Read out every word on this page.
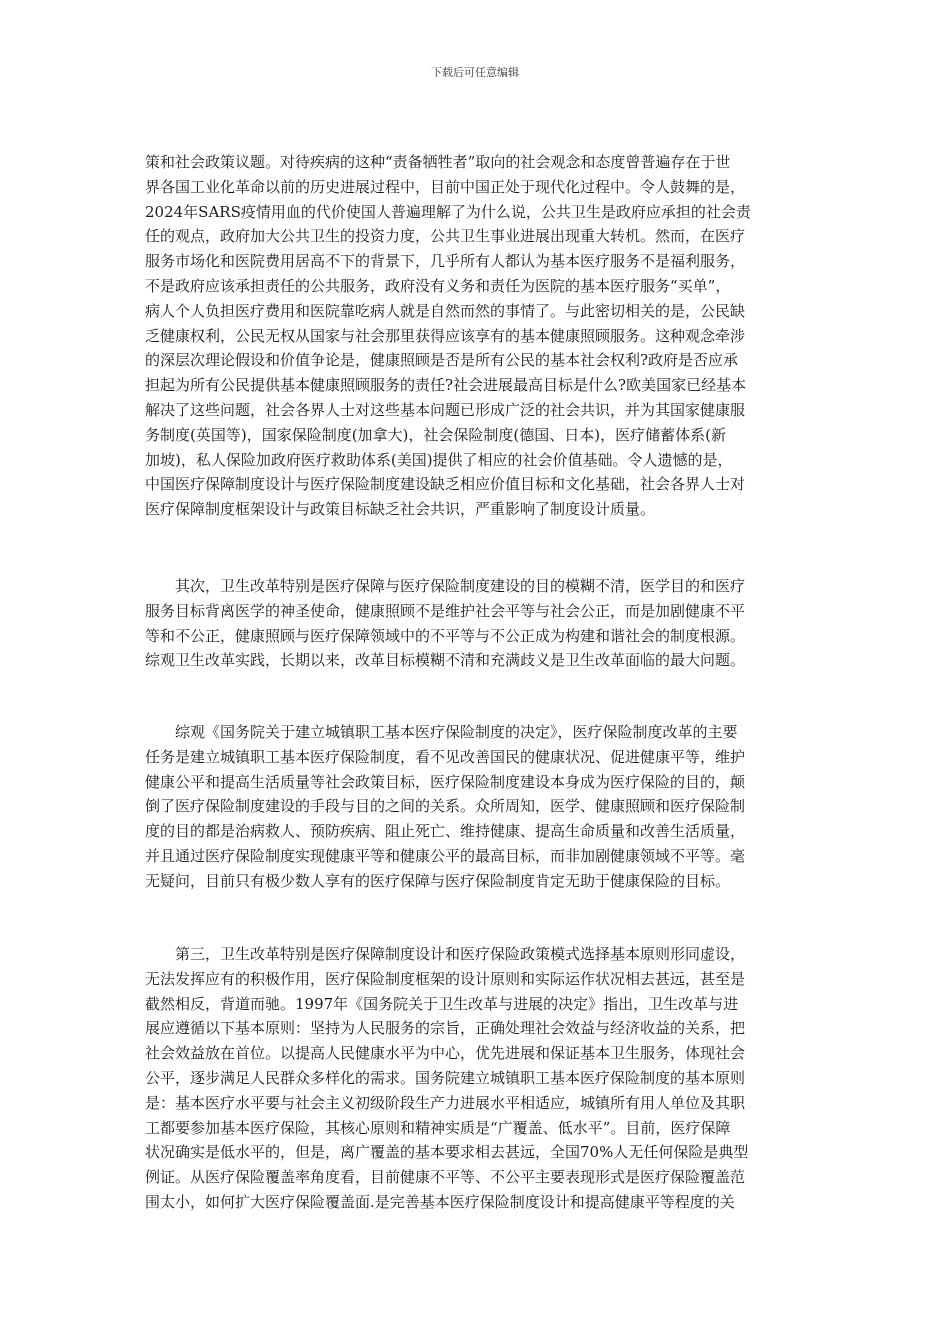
下载后可任意编辑
策和社会政策议题。对待疾病的这种“责备牺牲者”取向的社会观念和态度曾普遍存在于世
界各国工业化革命以前的历史进展过程中，目前中国正处于现代化过程中。令人鼓舞的是，
2024年SARS疫情用血的代价使国人普遍理解了为什么说，公共卫生是政府应承担的社会责
任的观点，政府加大公共卫生的投资力度，公共卫生事业进展出现重大转机。然而，在医疗
服务市场化和医院费用居高不下的背景下，几乎所有人都认为基本医疗服务不是福利服务，
不是政府应该承担责任的公共服务，政府没有义务和责任为医院的基本医疗服务“买单”，
病人个人负担医疗费用和医院靠吃病人就是自然而然的事情了。与此密切相关的是，公民缺
乏健康权利，公民无权从国家与社会那里获得应该享有的基本健康照顾服务。这种观念牵涉
的深层次理论假设和价值争论是，健康照顾是否是所有公民的基本社会权利?政府是否应承
担起为所有公民提供基本健康照顾服务的责任?社会进展最高目标是什么?欧美国家已经基本
解决了这些问题，社会各界人士对这些基本问题已形成广泛的社会共识，并为其国家健康服
务制度(英国等)，国家保险制度(加拿大)，社会保险制度(德国、日本)，医疗储蓄体系(新
加坡)，私人保险加政府医疗救助体系(美国)提供了相应的社会价值基础。令人遗憾的是，
中国医疗保障制度设计与医疗保险制度建设缺乏相应价值目标和文化基础，社会各界人士对
医疗保障制度框架设计与政策目标缺乏社会共识，严重影响了制度设计质量。
其次，卫生改革特别是医疗保障与医疗保险制度建设的目的模糊不清，医学目的和医疗
服务目标背离医学的神圣使命，健康照顾不是维护社会平等与社会公正，而是加剧健康不平
等和不公正，健康照顾与医疗保障领域中的不平等与不公正成为构建和谐社会的制度根源。
综观卫生改革实践，长期以来，改革目标模糊不清和充满歧义是卫生改革面临的最大问题。
综观《国务院关于建立城镇职工基本医疗保险制度的决定》，医疗保险制度改革的主要
任务是建立城镇职工基本医疗保险制度，看不见改善国民的健康状况、促进健康平等，维护
健康公平和提高生活质量等社会政策目标，医疗保险制度建设本身成为医疗保险的目的，颠
倒了医疗保险制度建设的手段与目的之间的关系。众所周知，医学、健康照顾和医疗保险制
度的目的都是治病救人、预防疾病、阻止死亡、维持健康、提高生命质量和改善生活质量，
并且通过医疗保险制度实现健康平等和健康公平的最高目标，而非加剧健康领域不平等。毫
无疑问，目前只有极少数人享有的医疗保障与医疗保险制度肯定无助于健康保险的目标。
第三，卫生改革特别是医疗保障制度设计和医疗保险政策模式选择基本原则形同虚设，
无法发挥应有的积极作用，医疗保险制度框架的设计原则和实际运作状况相去甚远，甚至是
截然相反，背道而驰。1997年《国务院关于卫生改革与进展的决定》指出，卫生改革与进
展应遵循以下基本原则：坚持为人民服务的宗旨，正确处理社会效益与经济收益的关系，把
社会效益放在首位。以提高人民健康水平为中心，优先进展和保证基本卫生服务，体现社会
公平，逐步满足人民群众多样化的需求。国务院建立城镇职工基本医疗保险制度的基本原则
是：基本医疗水平要与社会主义初级阶段生产力进展水平相适应，城镇所有用人单位及其职
工都要参加基本医疗保险，其核心原则和精神实质是“广覆盖、低水平”。目前，医疗保障
状况确实是低水平的，但是，离广覆盖的基本要求相去甚远，全国70%人无任何保险是典型
例证。从医疗保险覆盖率角度看，目前健康不平等、不公平主要表现形式是医疗保险覆盖范
围太小，如何扩大医疗保险覆盖面.是完善基本医疗保险制度设计和提高健康平等程度的关
